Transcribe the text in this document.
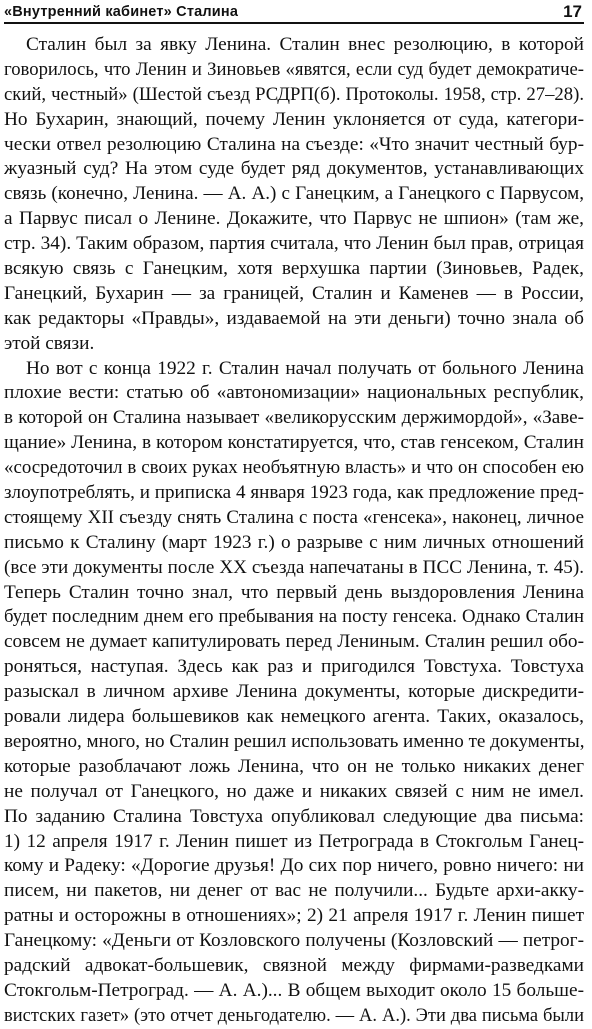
«Внутренний кабинет» Сталина	17
Сталин был за явку Ленина. Сталин внес резолюцию, в которой
говорилось, что Ленин и Зиновьев «явятся, если суд будет демократиче-
ский, честный» (Шестой съезд РСДРП(б). Протоколы. 1958, стр. 27–28).
Но Бухарин, знающий, почему Ленин уклоняется от суда, категори-
чески отвел резолюцию Сталина на съезде: «Что значит честный бур-
жуазный суд? На этом суде будет ряд документов, устанавливающих
связь (конечно, Ленина. — А. А.) с Ганецким, а Ганецкого с Парвусом,
а Парвус писал о Ленине. Докажите, что Парвус не шпион» (там же,
стр. 34). Таким образом, партия считала, что Ленин был прав, отрицая
всякую связь с Ганецким, хотя верхушка партии (Зиновьев, Радек,
Ганецкий, Бухарин — за границей, Сталин и Каменев — в России,
как редакторы «Правды», издаваемой на эти деньги) точно знала об
этой связи.
Но вот с конца 1922 г. Сталин начал получать от больного Ленина
плохие вести: статью об «автономизации» национальных республик,
в которой он Сталина называет «великорусским держимордой», «Заве-
щание» Ленина, в котором констатируется, что, став генсеком, Сталин
«сосредоточил в своих руках необъятную власть» и что он способен ею
злоупотреблять, и приписка 4 января 1923 года, как предложение пред-
стоящему XII съезду снять Сталина с поста «генсека», наконец, личное
письмо к Сталину (март 1923 г.) о разрыве с ним личных отношений
(все эти документы после XX съезда напечатаны в ПСС Ленина, т. 45).
Теперь Сталин точно знал, что первый день выздоровления Ленина
будет последним днем его пребывания на посту генсека. Однако Сталин
совсем не думает капитулировать перед Лениным. Сталин решил обо-
роняться, наступая. Здесь как раз и пригодился Товстуха. Товстуха
разыскал в личном архиве Ленина документы, которые дискредити-
ровали лидера большевиков как немецкого агента. Таких, оказалось,
вероятно, много, но Сталин решил использовать именно те документы,
которые разоблачают ложь Ленина, что он не только никаких денег
не получал от Ганецкого, но даже и никаких связей с ним не имел.
По заданию Сталина Товстуха опубликовал следующие два письма:
1) 12 апреля 1917 г. Ленин пишет из Петрограда в Стокгольм Ганец-
кому и Радеку: «Дорогие друзья! До сих пор ничего, ровно ничего: ни
писем, ни пакетов, ни денег от вас не получили... Будьте архи-акку-
ратны и осторожны в отношениях»; 2) 21 апреля 1917 г. Ленин пишет
Ганецкому: «Деньги от Козловского получены (Козловский — петрог-
радский адвокат-большевик, связной между фирмами-разведками
Стокгольм-Петроград. — А. А.)... В общем выходит около 15 больше-
вистских газет» (это отчет деньгодателю. — А. А.). Эти два письма были
